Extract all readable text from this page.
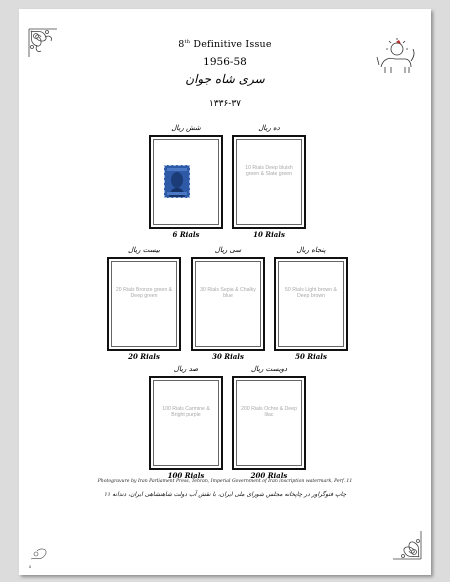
8th Definitive Issue
1956-58
سری شاه جوان
۱۳۳۶-۳۷
شش ریال
6 Rials
ده ریال
10 Rials Deep bluish green & Slate green
10 Rials
بیست ریال
20 Rials Bronze green & Deep green
20 Rials
سی ریال
30 Rials Sepia & Chalky blue
30 Rials
پنجاه ریال
50 Rials Light brown & Deep brown
50 Rials
صد ریال
100 Rials Carmine & Bright purple
100 Rials
دویست ریال
200 Rials Ochre & Deep lilac
200 Rials
Photogravure by Iran Parliament Press, Tehran, Imperial Government of Iran inscription watermark, Perf. 11
چاپ فتوگراور در چاپخانه مجلس شورای ملی ایران، با نقش آب دولت شاهنشاهی ایران، دندانه ۱۱
۵
